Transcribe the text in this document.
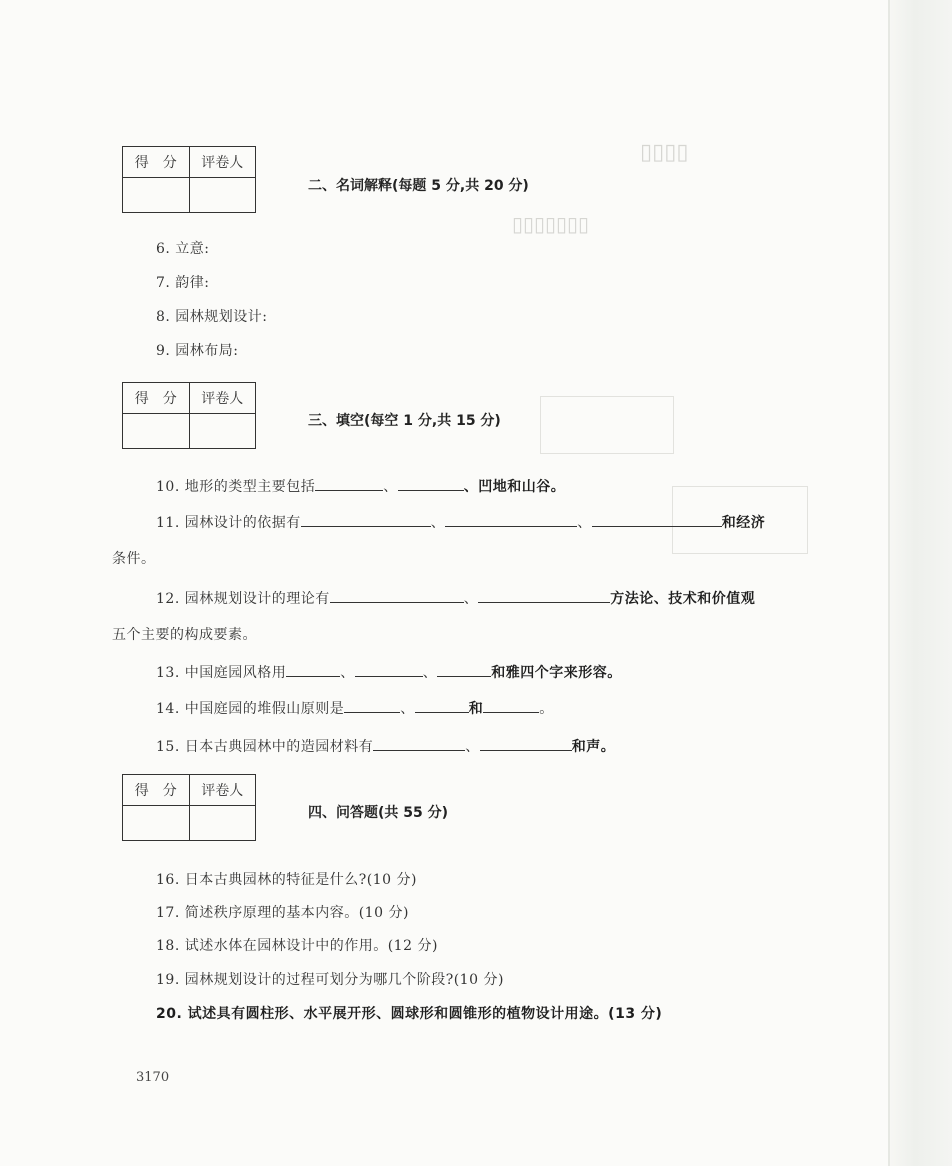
▯▯▯▯
▯▯▯▯▯▯▯
得　分	评卷人

二、名词解释(每题 5 分,共 20 分)
6. 立意:
7. 韵律:
8. 园林规划设计:
9. 园林布局:
得　分	评卷人

三、填空(每空 1 分,共 15 分)
10. 地形的类型主要包括	、	、凹地和山谷。
11. 园林设计的依据有	、	、	和经济
条件。
12. 园林规划设计的理论有	、	方法论、技术和价值观
五个主要的构成要素。
13. 中国庭园风格用	、	、	和雅四个字来形容。
14. 中国庭园的堆假山原则是	、	和	。
15. 日本古典园林中的造园材料有	、	和声。
得　分	评卷人

四、问答题(共 55 分)
16. 日本古典园林的特征是什么?(10 分)
17. 简述秩序原理的基本内容。(10 分)
18. 试述水体在园林设计中的作用。(12 分)
19. 园林规划设计的过程可划分为哪几个阶段?(10 分)
20. 试述具有圆柱形、水平展开形、圆球形和圆锥形的植物设计用途。(13 分)
3170
